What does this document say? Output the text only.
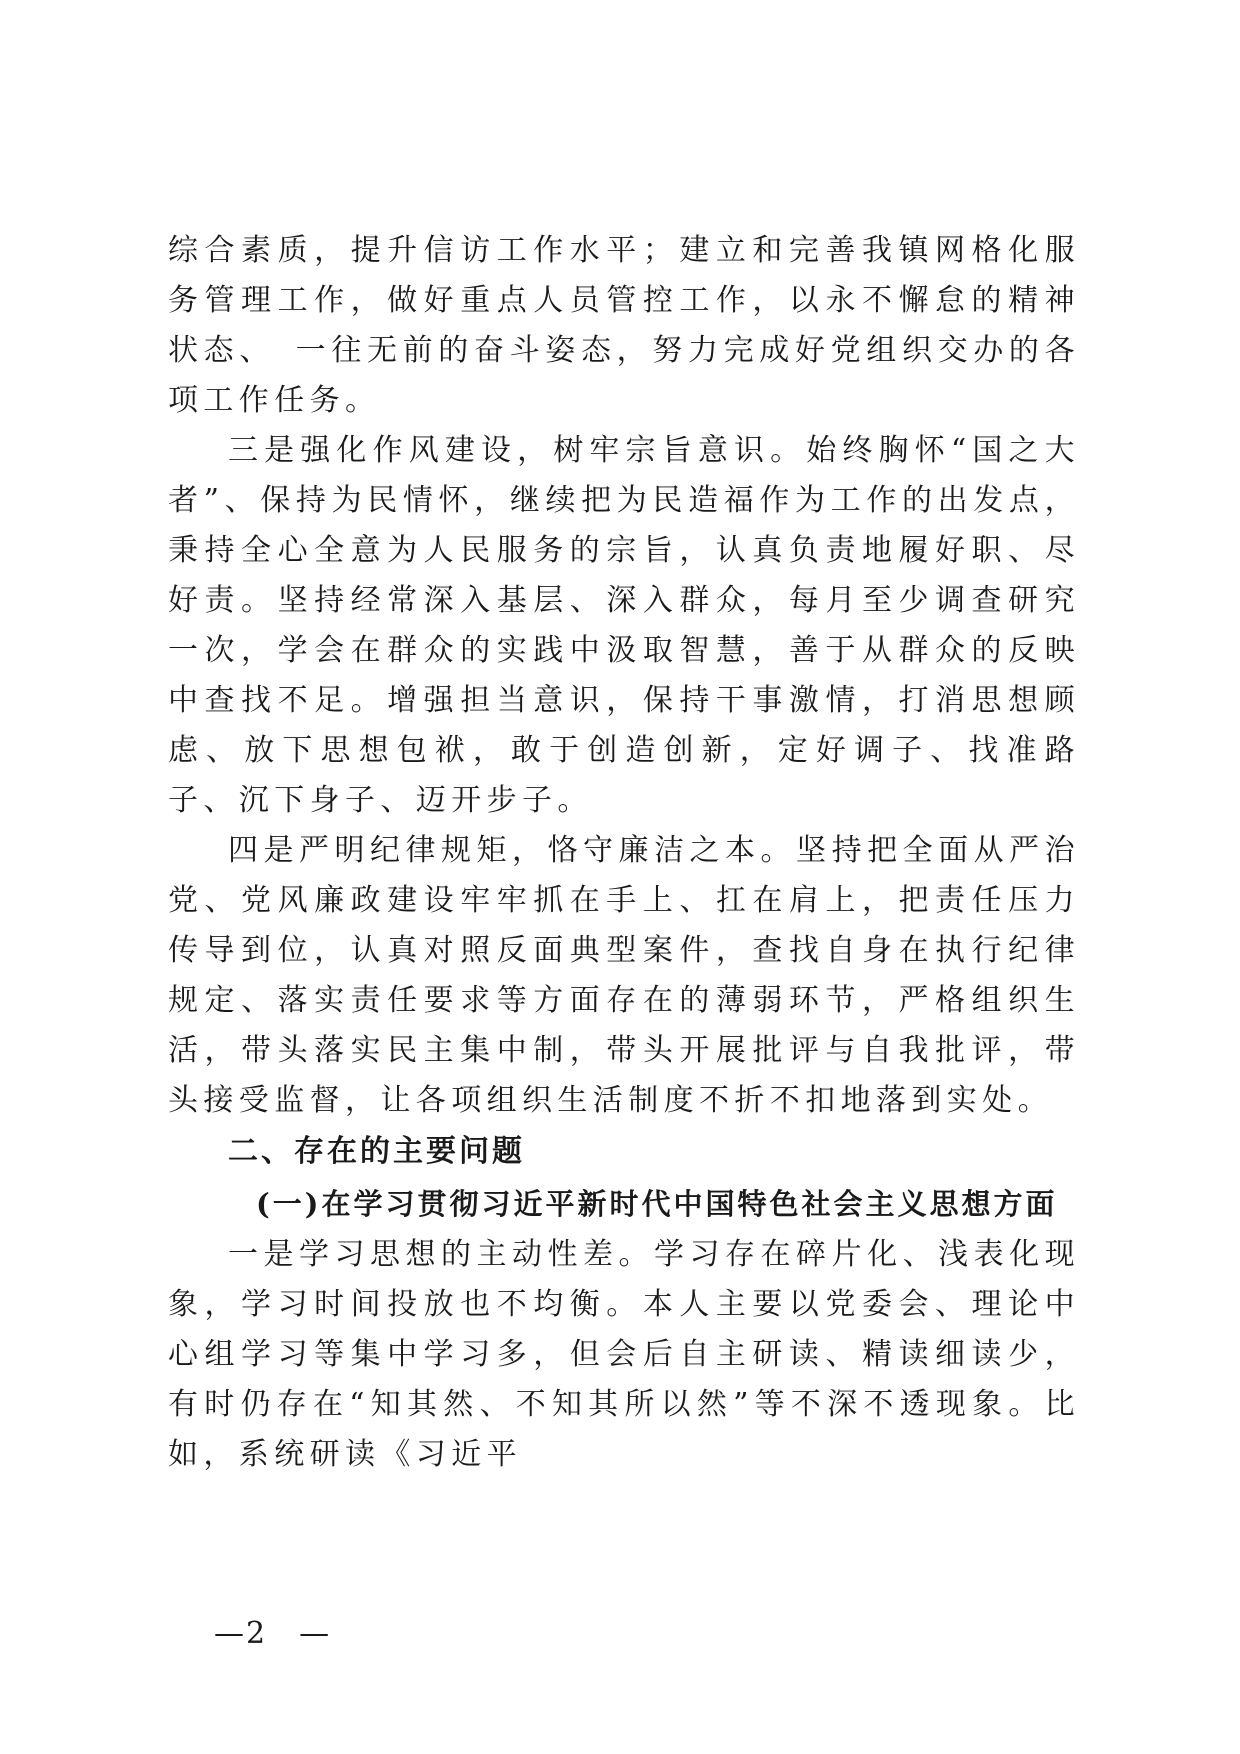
综合素质，提升信访工作水平；建立和完善我镇网格化服务管理工作，做好重点人员管控工作，以永不懈怠的精神状态、　一往无前的奋斗姿态，努力完成好党组织交办的各项工作任务。

三是强化作风建设，树牢宗旨意识。始终胸怀“国之大者”、保持为民情怀，继续把为民造福作为工作的出发点，秉持全心全意为人民服务的宗旨，认真负责地履好职、尽好责。坚持经常深入基层、深入群众，每月至少调查研究一次，学会在群众的实践中汲取智慧，善于从群众的反映中查找不足。增强担当意识，保持干事激情，打消思想顾虑、放下思想包袱，敢于创造创新，定好调子、找准路子、沉下身子、迈开步子。

四是严明纪律规矩，恪守廉洁之本。坚持把全面从严治党、党风廉政建设牢牢抓在手上、扛在肩上，把责任压力传导到位，认真对照反面典型案件，查找自身在执行纪律规定、落实责任要求等方面存在的薄弱环节，严格组织生活，带头落实民主集中制，带头开展批评与自我批评，带头接受监督，让各项组织生活制度不折不扣地落到实处。

二、存在的主要问题
(一)在学习贯彻习近平新时代中国特色社会主义思想方面

一是学习思想的主动性差。学习存在碎片化、浅表化现象，学习时间投放也不均衡。本人主要以党委会、理论中心组学习等集中学习多，但会后自主研读、精读细读少，有时仍存在“知其然、不知其所以然”等不深不透现象。比如，系统研读《习近平

—2　—
